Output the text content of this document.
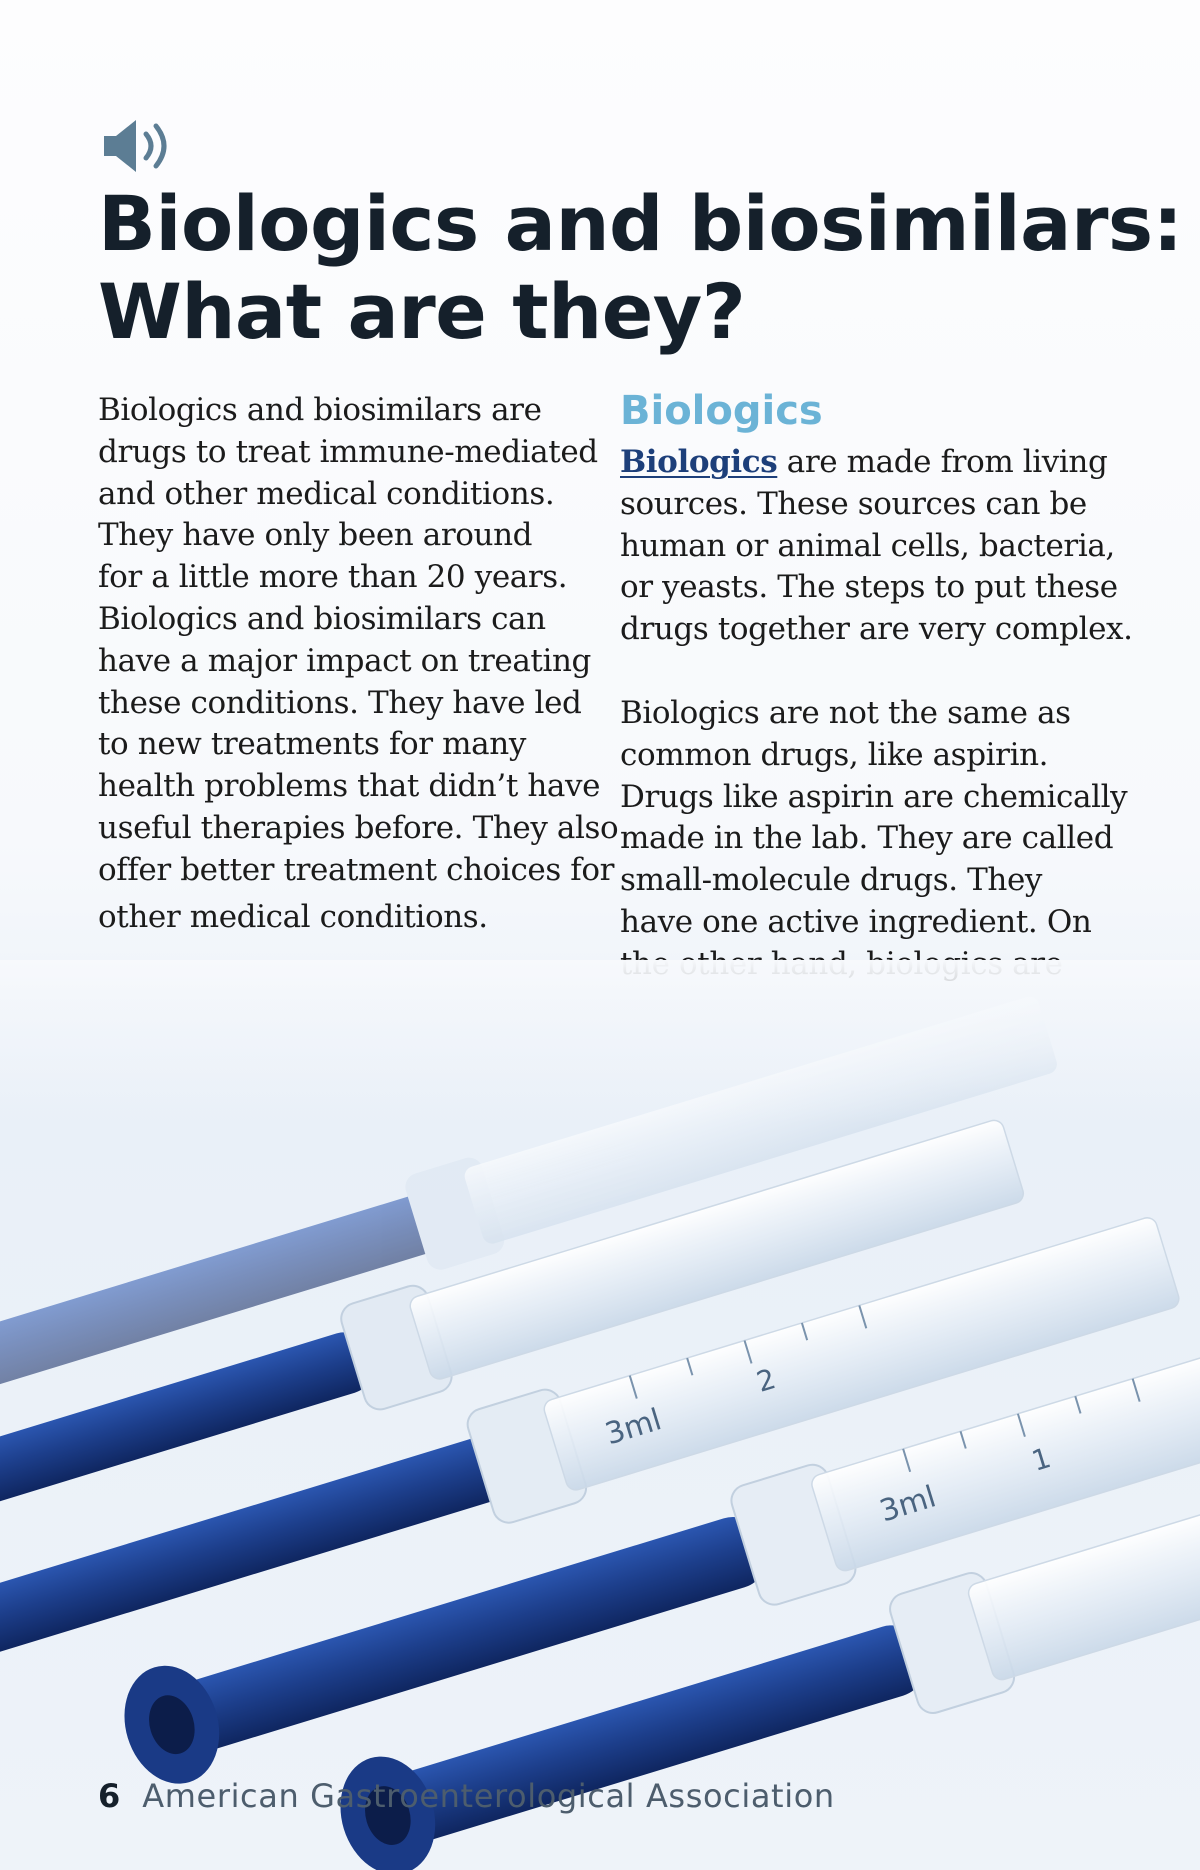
Biologics and biosimilars:
What are they?
Biologics and biosimilars are
drugs to treat immune-mediated
and other medical conditions.
They have only been around
for a little more than 20 years.
Biologics and biosimilars can
have a major impact on treating
these conditions. They have led
to new treatments for many
health problems that didn’t have
useful therapies before. They also
offer better treatment choices for
other medical conditions.
Biologics
Biologics are made from living
sources. These sources can be
human or animal cells, bacteria,
or yeasts. The steps to put these
drugs together are very complex.
Biologics are not the same as
common drugs, like aspirin.
Drugs like aspirin are chemically
made in the lab. They are called
small-molecule drugs. They
have one active ingredient. On
6 American Gastroenterological Association
